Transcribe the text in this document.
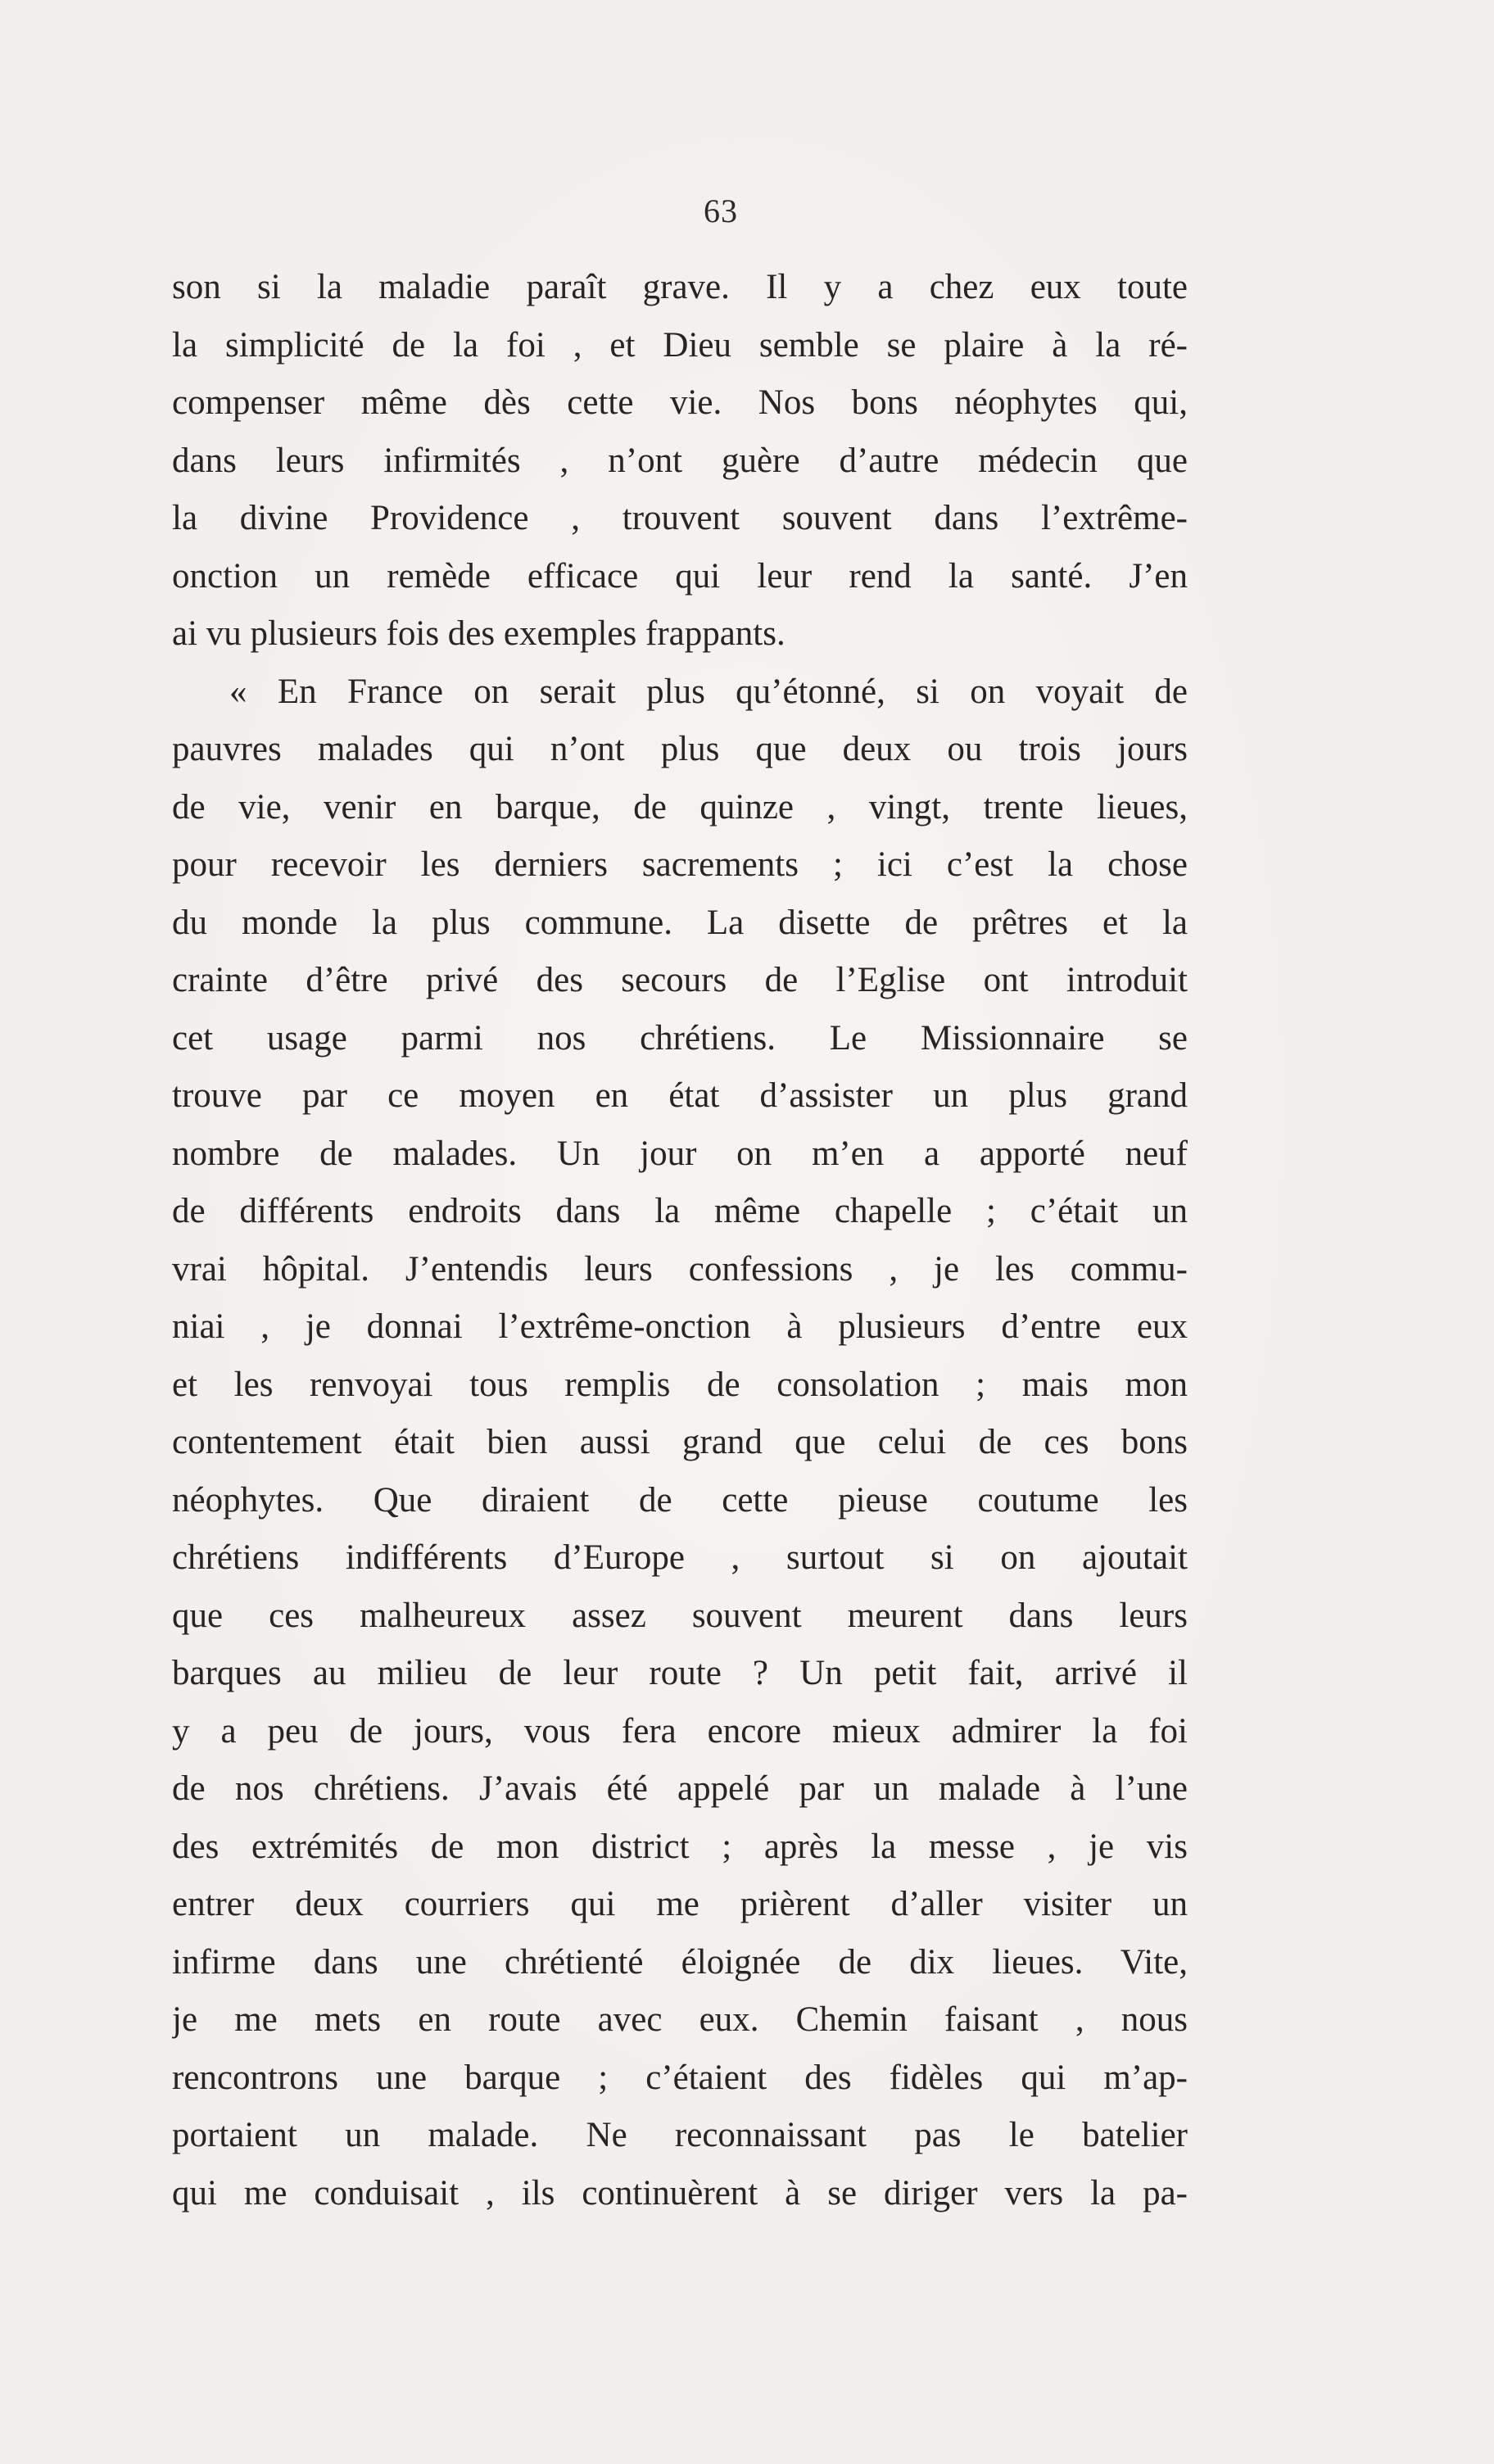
63
son si la maladie paraît grave. Il y a chez eux toute
la simplicité de la foi , et Dieu semble se plaire à la ré-
compenser même dès cette vie. Nos bons néophytes qui,
dans leurs infirmités , n’ont guère d’autre médecin que
la divine Providence , trouvent souvent dans l’extrême-
onction un remède efficace qui leur rend la santé. J’en
ai vu plusieurs fois des exemples frappants.
« En France on serait plus qu’étonné, si on voyait de
pauvres malades qui n’ont plus que deux ou trois jours
de vie, venir en barque, de quinze , vingt, trente lieues,
pour recevoir les derniers sacrements ; ici c’est la chose
du monde la plus commune. La disette de prêtres et la
crainte d’être privé des secours de l’Eglise ont introduit
cet usage parmi nos chrétiens. Le Missionnaire se
trouve par ce moyen en état d’assister un plus grand
nombre de malades. Un jour on m’en a apporté neuf
de différents endroits dans la même chapelle ; c’était un
vrai hôpital. J’entendis leurs confessions , je les commu-
niai , je donnai l’extrême-onction à plusieurs d’entre eux
et les renvoyai tous remplis de consolation ; mais mon
contentement était bien aussi grand que celui de ces bons
néophytes. Que diraient de cette pieuse coutume les
chrétiens indifférents d’Europe , surtout si on ajoutait
que ces malheureux assez souvent meurent dans leurs
barques au milieu de leur route ? Un petit fait, arrivé il
y a peu de jours, vous fera encore mieux admirer la foi
de nos chrétiens. J’avais été appelé par un malade à l’une
des extrémités de mon district ; après la messe , je vis
entrer deux courriers qui me prièrent d’aller visiter un
infirme dans une chrétienté éloignée de dix lieues. Vite,
je me mets en route avec eux. Chemin faisant , nous
rencontrons une barque ; c’étaient des fidèles qui m’ap-
portaient un malade. Ne reconnaissant pas le batelier
qui me conduisait , ils continuèrent à se diriger vers la pa-
